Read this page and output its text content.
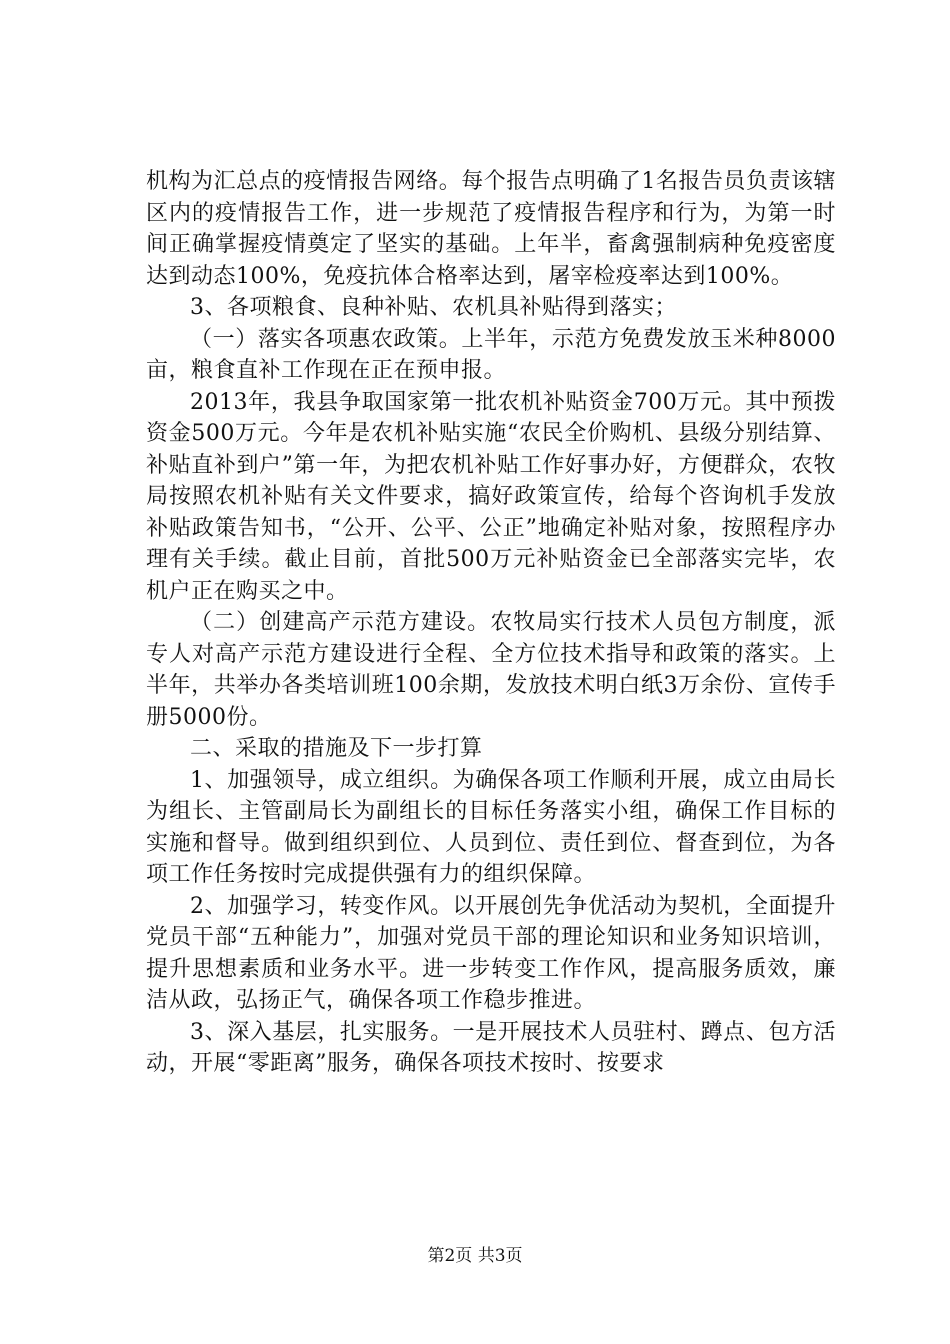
机构为汇总点的疫情报告网络。每个报告点明确了1名报告员负责该辖区内的疫情报告工作，进一步规范了疫情报告程序和行为，为第一时间正确掌握疫情奠定了坚实的基础。上年半，畜禽强制病种免疫密度达到动态100%，免疫抗体合格率达到，屠宰检疫率达到100%。

3、各项粮食、良种补贴、农机具补贴得到落实；

（一）落实各项惠农政策。上半年，示范方免费发放玉米种8000亩，粮食直补工作现在正在预申报。

2013年，我县争取国家第一批农机补贴资金700万元。其中预拨资金500万元。今年是农机补贴实施“农民全价购机、县级分别结算、补贴直补到户”第一年，为把农机补贴工作好事办好，方便群众，农牧局按照农机补贴有关文件要求，搞好政策宣传，给每个咨询机手发放补贴政策告知书，“公开、公平、公正”地确定补贴对象，按照程序办理有关手续。截止目前，首批500万元补贴资金已全部落实完毕，农机户正在购买之中。

（二）创建高产示范方建设。农牧局实行技术人员包方制度，派专人对高产示范方建设进行全程、全方位技术指导和政策的落实。上半年，共举办各类培训班100余期，发放技术明白纸3万余份、宣传手册5000份。

二、采取的措施及下一步打算

1、加强领导，成立组织。为确保各项工作顺利开展，成立由局长为组长、主管副局长为副组长的目标任务落实小组，确保工作目标的实施和督导。做到组织到位、人员到位、责任到位、督查到位，为各项工作任务按时完成提供强有力的组织保障。

2、加强学习，转变作风。以开展创先争优活动为契机，全面提升党员干部“五种能力”，加强对党员干部的理论知识和业务知识培训，提升思想素质和业务水平。进一步转变工作作风，提高服务质效，廉洁从政，弘扬正气，确保各项工作稳步推进。

3、深入基层，扎实服务。一是开展技术人员驻村、蹲点、包方活动，开展“零距离”服务，确保各项技术按时、按要求

第2页 共3页
